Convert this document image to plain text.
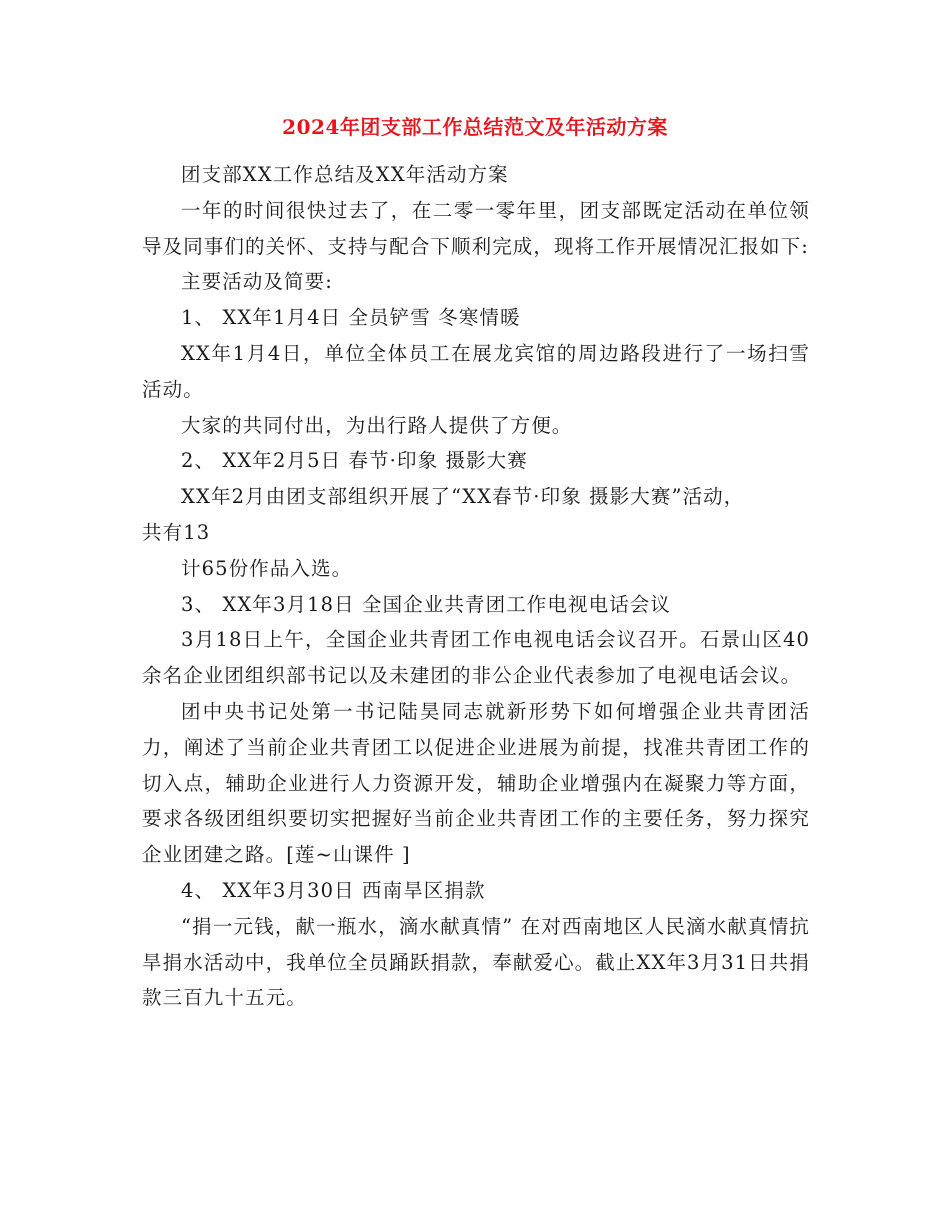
2024年团支部工作总结范文及年活动方案

团支部XX工作总结及XX年活动方案

一年的时间很快过去了，在二零一零年里，团支部既定活动在单位领导及同事们的关怀、支持与配合下顺利完成，现将工作开展情况汇报如下:

主要活动及简要:

1、 XX年1月4日 全员铲雪 冬寒情暖

XX年1月4日，单位全体员工在展龙宾馆的周边路段进行了一场扫雪活动。

大家的共同付出，为出行路人提供了方便。

2、 XX年2月5日 春节·印象 摄影大赛

XX年2月由团支部组织开展了“XX春节·印象 摄影大赛”活动，

共有13

计65份作品入选。

3、 XX年3月18日 全国企业共青团工作电视电话会议

3月18日上午，全国企业共青团工作电视电话会议召开。石景山区40余名企业团组织部书记以及未建团的非公企业代表参加了电视电话会议。

团中央书记处第一书记陆昊同志就新形势下如何增强企业共青团活力，阐述了当前企业共青团工以促进企业进展为前提，找准共青团工作的切入点，辅助企业进行人力资源开发，辅助企业增强内在凝聚力等方面，要求各级团组织要切实把握好当前企业共青团工作的主要任务，努力探究企业团建之路。[莲~山课件 ]

4、 XX年3月30日 西南旱区捐款

“捐一元钱，献一瓶水，滴水献真情” 在对西南地区人民滴水献真情抗旱捐水活动中，我单位全员踊跃捐款，奉献爱心。截止XX年3月31日共捐款三百九十五元。
